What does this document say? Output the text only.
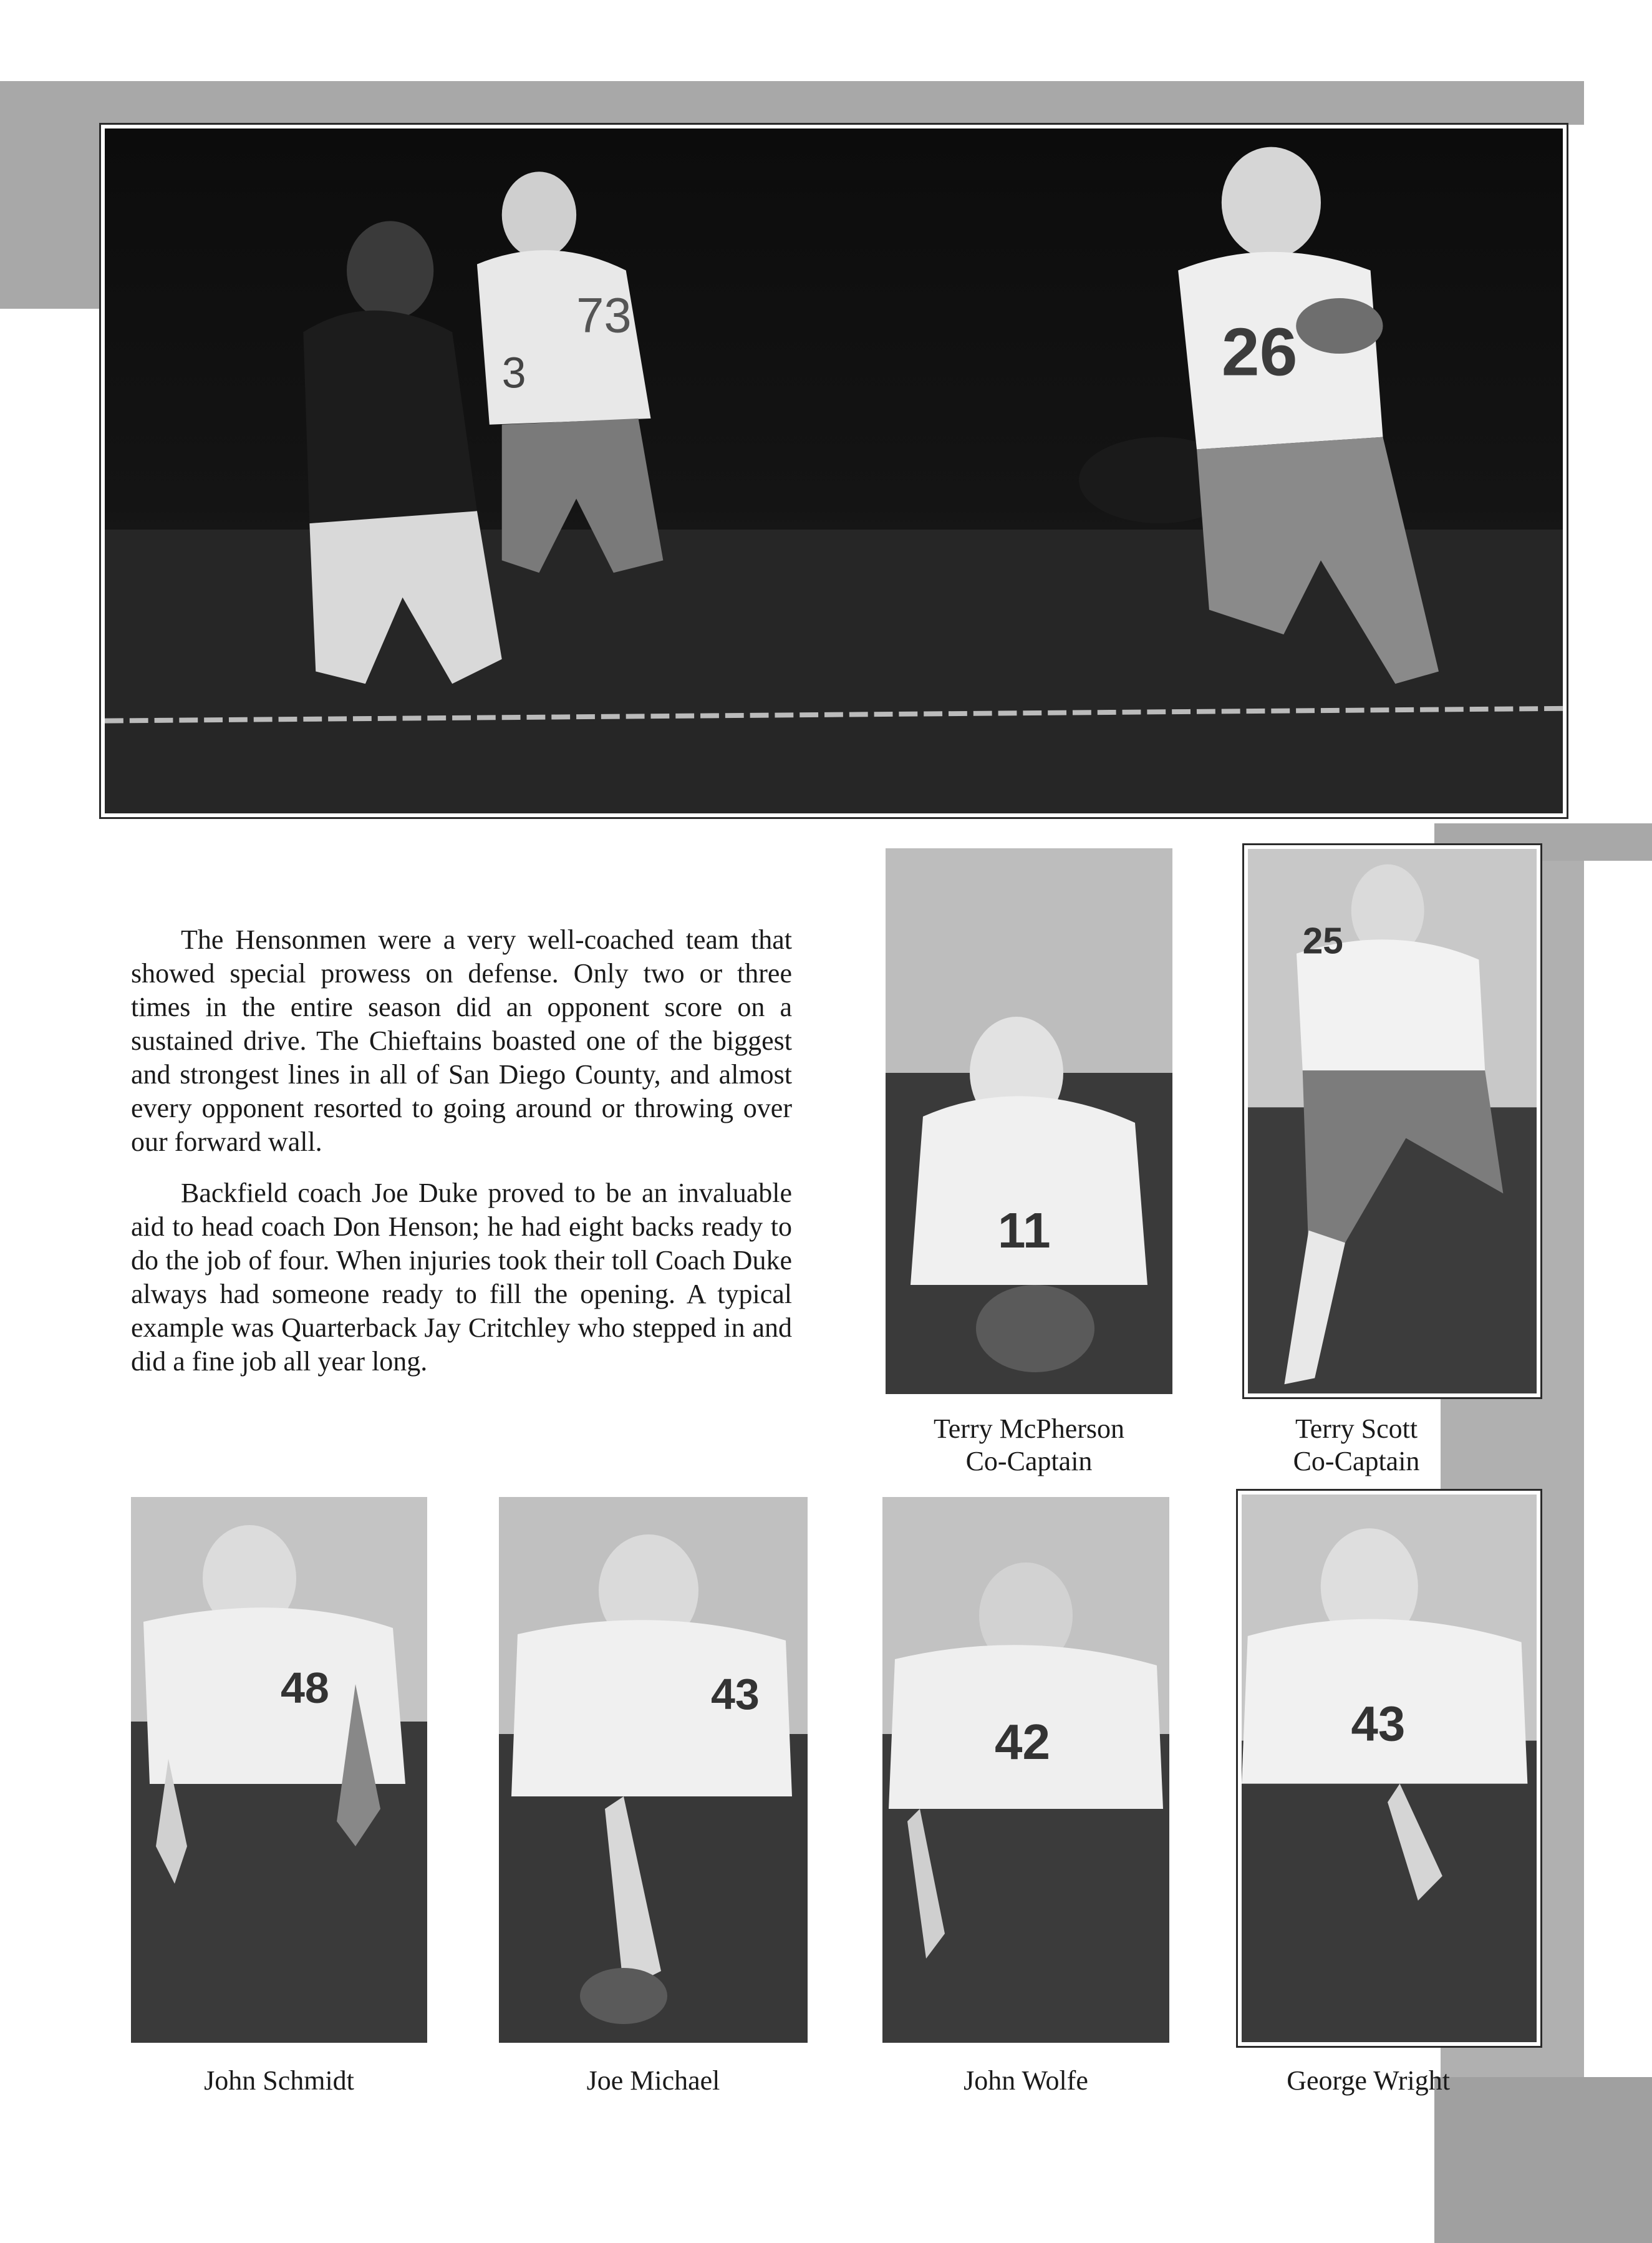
3
73	26

The Hensonmen were a very well-coached team that showed special prowess on defense. Only two or three times in the entire season did an opponent score on a sustained drive. The Chieftains boasted one of the biggest and strongest lines in all of San Diego County, and almost every opponent resorted to going around or throwing over our forward wall.

Backfield coach Joe Duke proved to be an invaluable aid to head coach Don Henson; he had eight backs ready to do the job of four. When injuries took their toll Coach Duke always had someone ready to fill the opening. A typical example was Quarterback Jay Critchley who stepped in and did a fine job all year long.

11
25
Terry McPherson
Co-Captain
Terry Scott
Co-Captain
48	43
42	43
John Schmidt	Joe Michael	John Wolfe	George Wright
